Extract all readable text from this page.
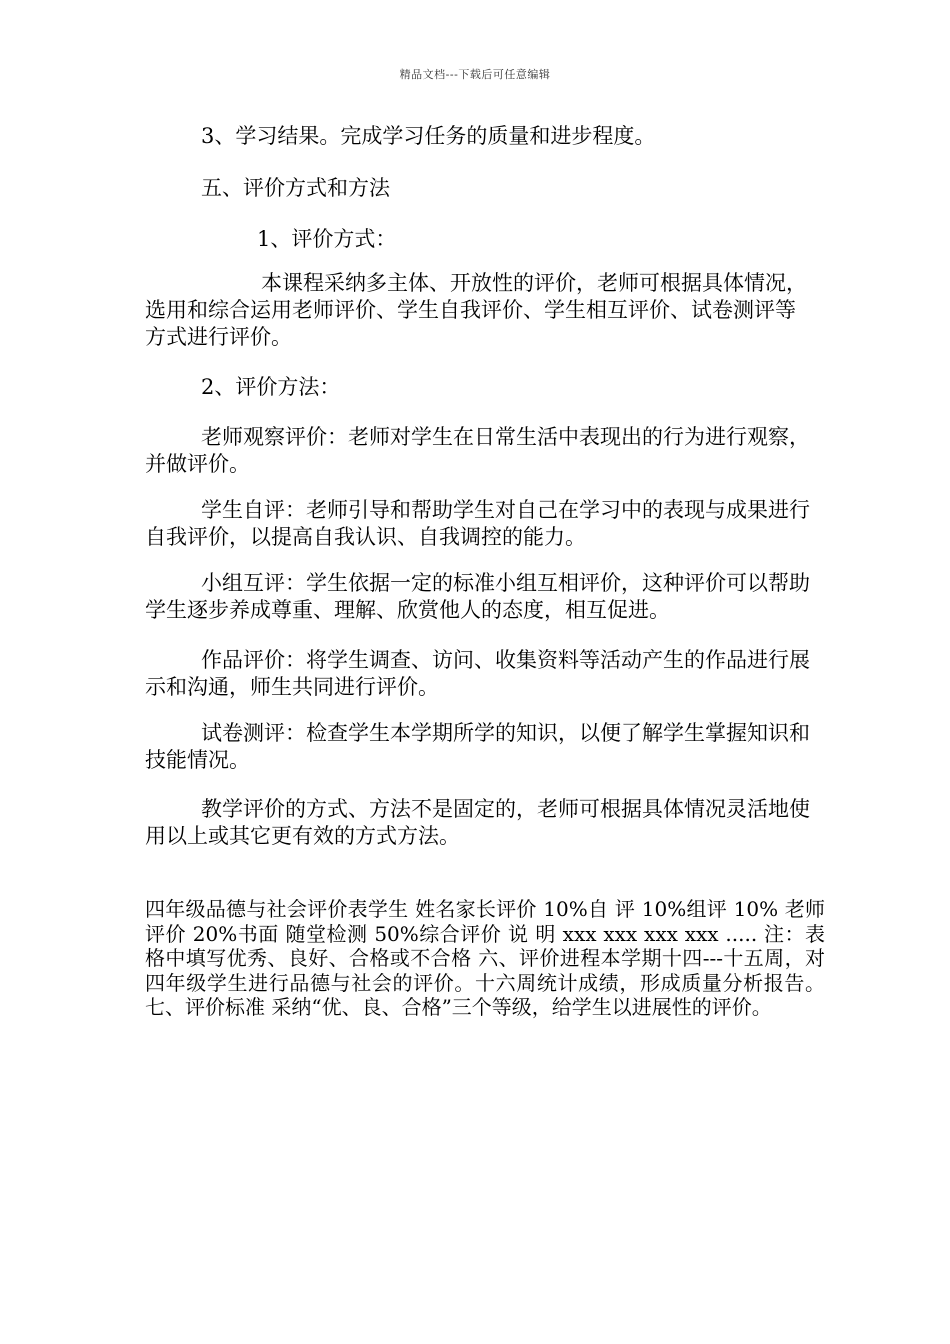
精品文档---下载后可任意编辑

3、学习结果。完成学习任务的质量和进步程度。

五、评价方式和方法

1、评价方式：

本课程采纳多主体、开放性的评价，老师可根据具体情况，选用和综合运用老师评价、学生自我评价、学生相互评价、试卷测评等方式进行评价。

2、评价方法：

老师观察评价：老师对学生在日常生活中表现出的行为进行观察，并做评价。

学生自评：老师引导和帮助学生对自己在学习中的表现与成果进行自我评价，以提高自我认识、自我调控的能力。

小组互评：学生依据一定的标准小组互相评价，这种评价可以帮助学生逐步养成尊重、理解、欣赏他人的态度，相互促进。

作品评价：将学生调查、访问、收集资料等活动产生的作品进行展示和沟通，师生共同进行评价。

试卷测评：检查学生本学期所学的知识，以便了解学生掌握知识和技能情况。

教学评价的方式、方法不是固定的，老师可根据具体情况灵活地使用以上或其它更有效的方式方法。

四年级品德与社会评价表学生 姓名家长评价 10%自 评 10%组评 10% 老师评价 20%书面 随堂检测 50%综合评价 说 明 xxx xxx xxx xxx ..... 注：表格中填写优秀、良好、合格或不合格 六、评价进程本学期十四---十五周，对四年级学生进行品德与社会的评价。十六周统计成绩，形成质量分析报告。七、评价标准 采纳“优、良、合格”三个等级，给学生以进展性的评价。
